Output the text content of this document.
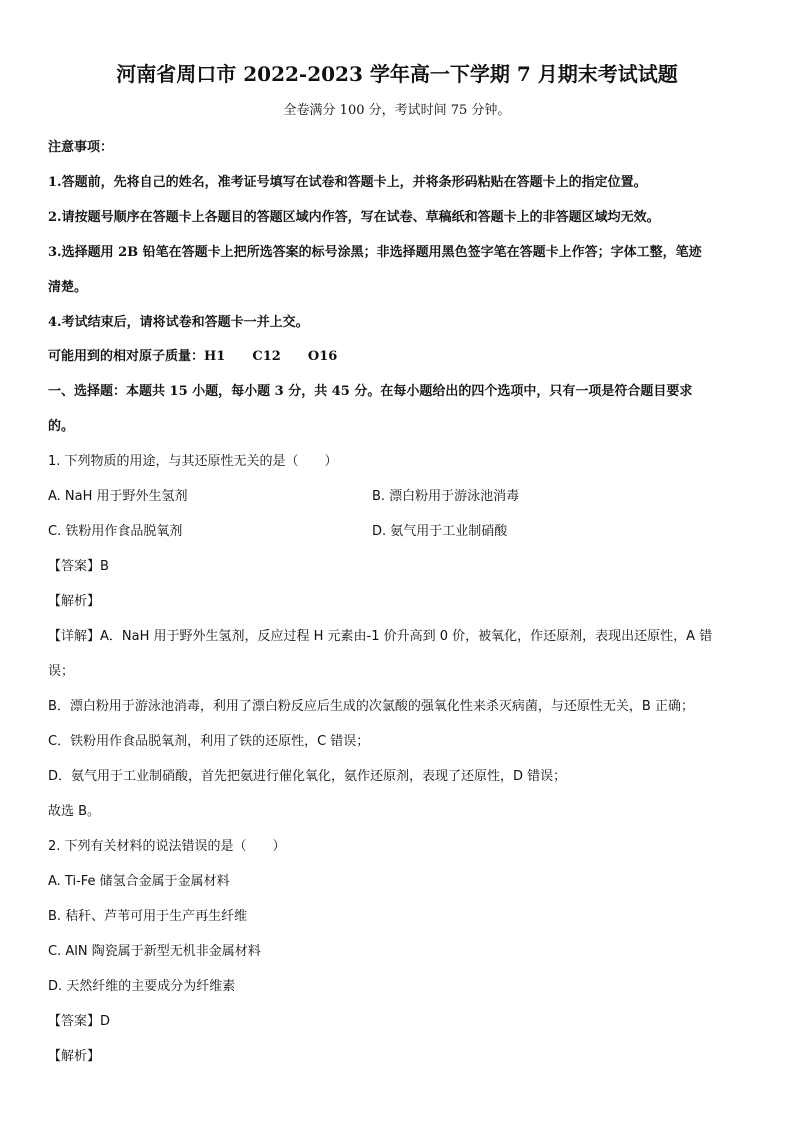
河南省周口市 2022-2023 学年高一下学期 7 月期末考试试题
全卷满分 100 分，考试时间 75 分钟。
注意事项：
1.答题前，先将自己的姓名，准考证号填写在试卷和答题卡上，并将条形码粘贴在答题卡上的指定位置。
2.请按题号顺序在答题卡上各题目的答题区域内作答，写在试卷、草稿纸和答题卡上的非答题区域均无效。
3.选择题用 2B 铅笔在答题卡上把所选答案的标号涂黑；非选择题用黑色签字笔在答题卡上作答；字体工整，笔迹
清楚。
4.考试结束后，请将试卷和答题卡一并上交。
可能用到的相对原子质量：H1 C12 O16
一、选择题：本题共 15 小题，每小题 3 分，共 45 分。在每小题给出的四个选项中，只有一项是符合题目要求
的。
1. 下列物质的用途，与其还原性无关的是（　　）
A. NaH 用于野外生氢剂	B. 漂白粉用于游泳池消毒
C. 铁粉用作食品脱氧剂	D. 氨气用于工业制硝酸
【答案】B
【解析】
【详解】A．NaH 用于野外生氢剂，反应过程 H 元素由-1 价升高到 0 价，被氧化，作还原剂，表现出还原性，A 错
误；
B．漂白粉用于游泳池消毒，利用了漂白粉反应后生成的次氯酸的强氧化性来杀灭病菌，与还原性无关，B 正确；
C．铁粉用作食品脱氧剂，利用了铁的还原性，C 错误；
D．氨气用于工业制硝酸，首先把氨进行催化氧化，氨作还原剂，表现了还原性，D 错误；
故选 B。
2. 下列有关材料的说法错误的是（　　）
A. Ti-Fe 储氢合金属于金属材料
B. 秸秆、芦苇可用于生产再生纤维
C. AlN 陶瓷属于新型无机非金属材料
D. 天然纤维的主要成分为纤维素
【答案】D
【解析】
